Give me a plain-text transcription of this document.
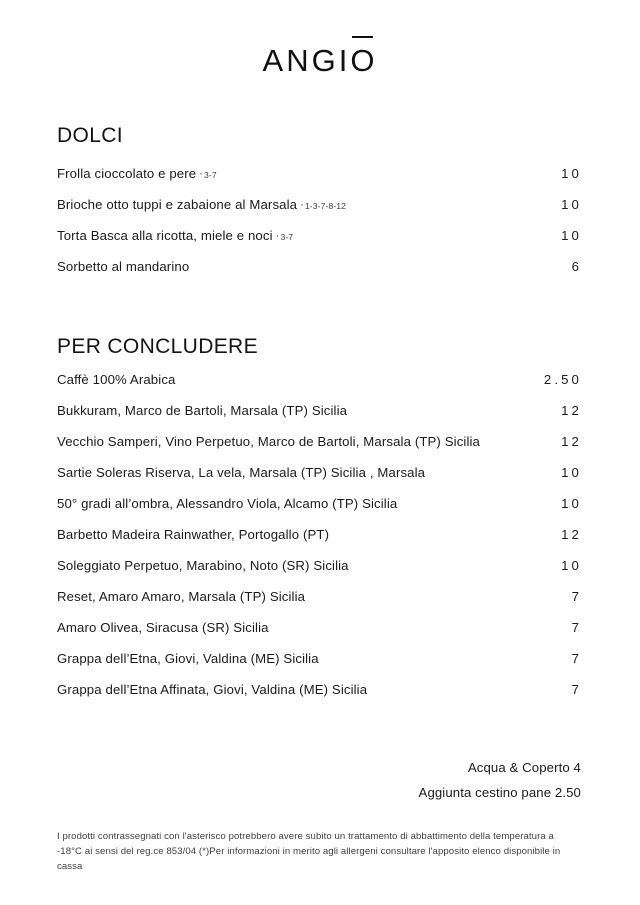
ANGI
O
DOLCI
Frolla cioccolato e pere ·3-7	10
Brioche otto tuppi e zabaione al Marsala ·1-3-7-8-12	10
Torta Basca alla ricotta, miele e noci ·3-7	10
Sorbetto al mandarino	6
PER CONCLUDERE
Caffè 100% Arabica	2.50
Bukkuram, Marco de Bartoli, Marsala (TP) Sicilia	12
Vecchio Samperi, Vino Perpetuo, Marco de Bartoli, Marsala (TP) Sicilia	12
Sartie Soleras Riserva, La vela, Marsala (TP) Sicilia , Marsala	10
50° gradi all’ombra, Alessandro Viola, Alcamo (TP) Sicilia	10
Barbetto Madeira Rainwather, Portogallo (PT)	12
Soleggiato Perpetuo, Marabino, Noto (SR) Sicilia	10
Reset, Amaro Amaro, Marsala (TP) Sicilia	7
Amaro Olivea, Siracusa (SR) Sicilia	7
Grappa dell’Etna, Giovi, Valdina (ME) Sicilia	7
Grappa dell’Etna Affinata, Giovi, Valdina (ME) Sicilia	7
Acqua & Coperto 4
Aggiunta cestino pane 2.50
I prodotti contrassegnati con l'asterisco potrebbero avere subito un trattamento di abbattimento della temperatura a -18°C ai sensi del reg.ce 853/04 (*)Per informazioni in merito agli allergeni consultare l'apposito elenco disponibile in cassa
